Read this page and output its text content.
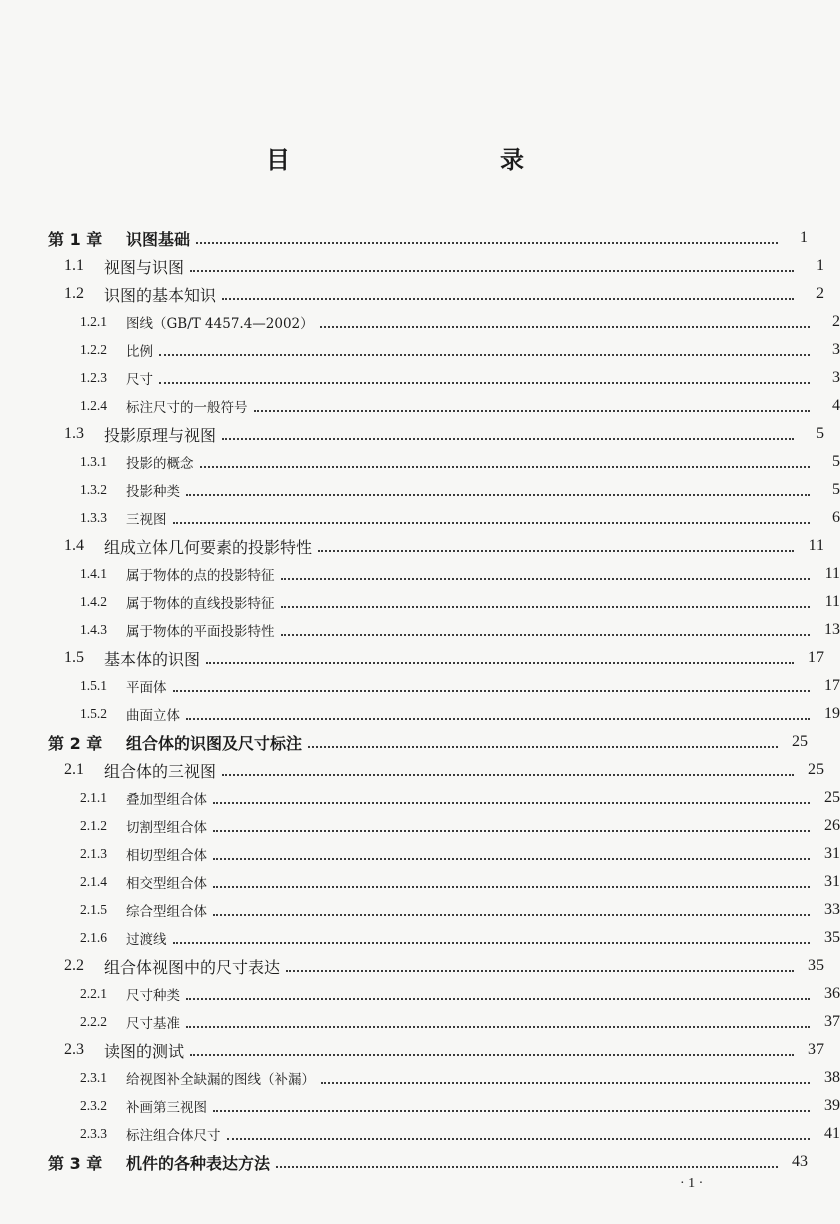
目　　录
第 1 章	识图基础	1
1.1	视图与识图	1
1.2	识图的基本知识	2
1.2.1	图线（GB/T 4457.4—2002）	2
1.2.2	比例	3
1.2.3	尺寸	3
1.2.4	标注尺寸的一般符号	4
1.3	投影原理与视图	5
1.3.1	投影的概念	5
1.3.2	投影种类	5
1.3.3	三视图	6
1.4	组成立体几何要素的投影特性	11
1.4.1	属于物体的点的投影特征	11
1.4.2	属于物体的直线投影特征	11
1.4.3	属于物体的平面投影特性	13
1.5	基本体的识图	17
1.5.1	平面体	17
1.5.2	曲面立体	19
第 2 章	组合体的识图及尺寸标注	25
2.1	组合体的三视图	25
2.1.1	叠加型组合体	25
2.1.2	切割型组合体	26
2.1.3	相切型组合体	31
2.1.4	相交型组合体	31
2.1.5	综合型组合体	33
2.1.6	过渡线	35
2.2	组合体视图中的尺寸表达	35
2.2.1	尺寸种类	36
2.2.2	尺寸基准	37
2.3	读图的测试	37
2.3.1	给视图补全缺漏的图线（补漏）	38
2.3.2	补画第三视图	39
2.3.3	标注组合体尺寸	41
第 3 章	机件的各种表达方法	43
· 1 ·
